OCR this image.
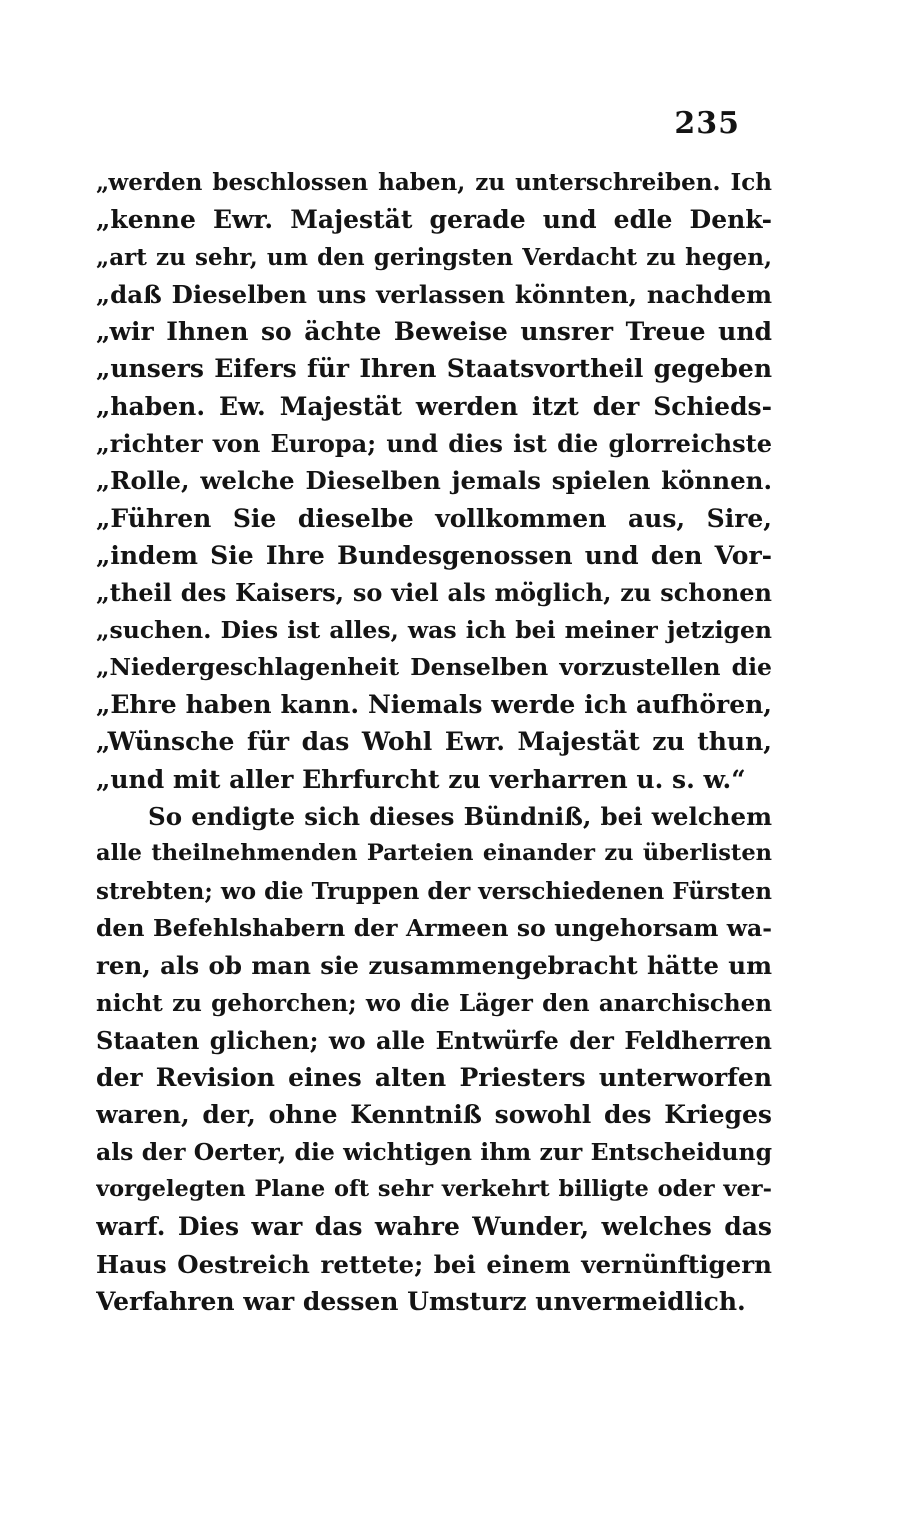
235
„werden beschlossen haben, zu unterschreiben. Ich
„kenne Ewr. Majestät gerade und edle Denk-
„art zu sehr, um den geringsten Verdacht zu hegen,
„daß Dieselben uns verlassen könnten, nachdem
„wir Ihnen so ächte Beweise unsrer Treue und
„unsers Eifers für Ihren Staatsvortheil gegeben
„haben. Ew. Majestät werden itzt der Schieds-
„richter von Europa; und dies ist die glorreichste
„Rolle, welche Dieselben jemals spielen können.
„Führen Sie dieselbe vollkommen aus, Sire,
„indem Sie Ihre Bundesgenossen und den Vor-
„theil des Kaisers, so viel als möglich, zu schonen
„suchen. Dies ist alles, was ich bei meiner jetzigen
„Niedergeschlagenheit Denselben vorzustellen die
„Ehre haben kann. Niemals werde ich aufhören,
„Wünsche für das Wohl Ewr. Majestät zu thun,
„und mit aller Ehrfurcht zu verharren u. s. w.“
So endigte sich dieses Bündniß, bei welchem
alle theilnehmenden Parteien einander zu überlisten
strebten; wo die Truppen der verschiedenen Fürsten
den Befehlshabern der Armeen so ungehorsam wa-
ren, als ob man sie zusammengebracht hätte um
nicht zu gehorchen; wo die Läger den anarchischen
Staaten glichen; wo alle Entwürfe der Feldherren
der Revision eines alten Priesters unterworfen
waren, der, ohne Kenntniß sowohl des Krieges
als der Oerter, die wichtigen ihm zur Entscheidung
vorgelegten Plane oft sehr verkehrt billigte oder ver-
warf. Dies war das wahre Wunder, welches das
Haus Oestreich rettete; bei einem vernünftigern
Verfahren war dessen Umsturz unvermeidlich.
